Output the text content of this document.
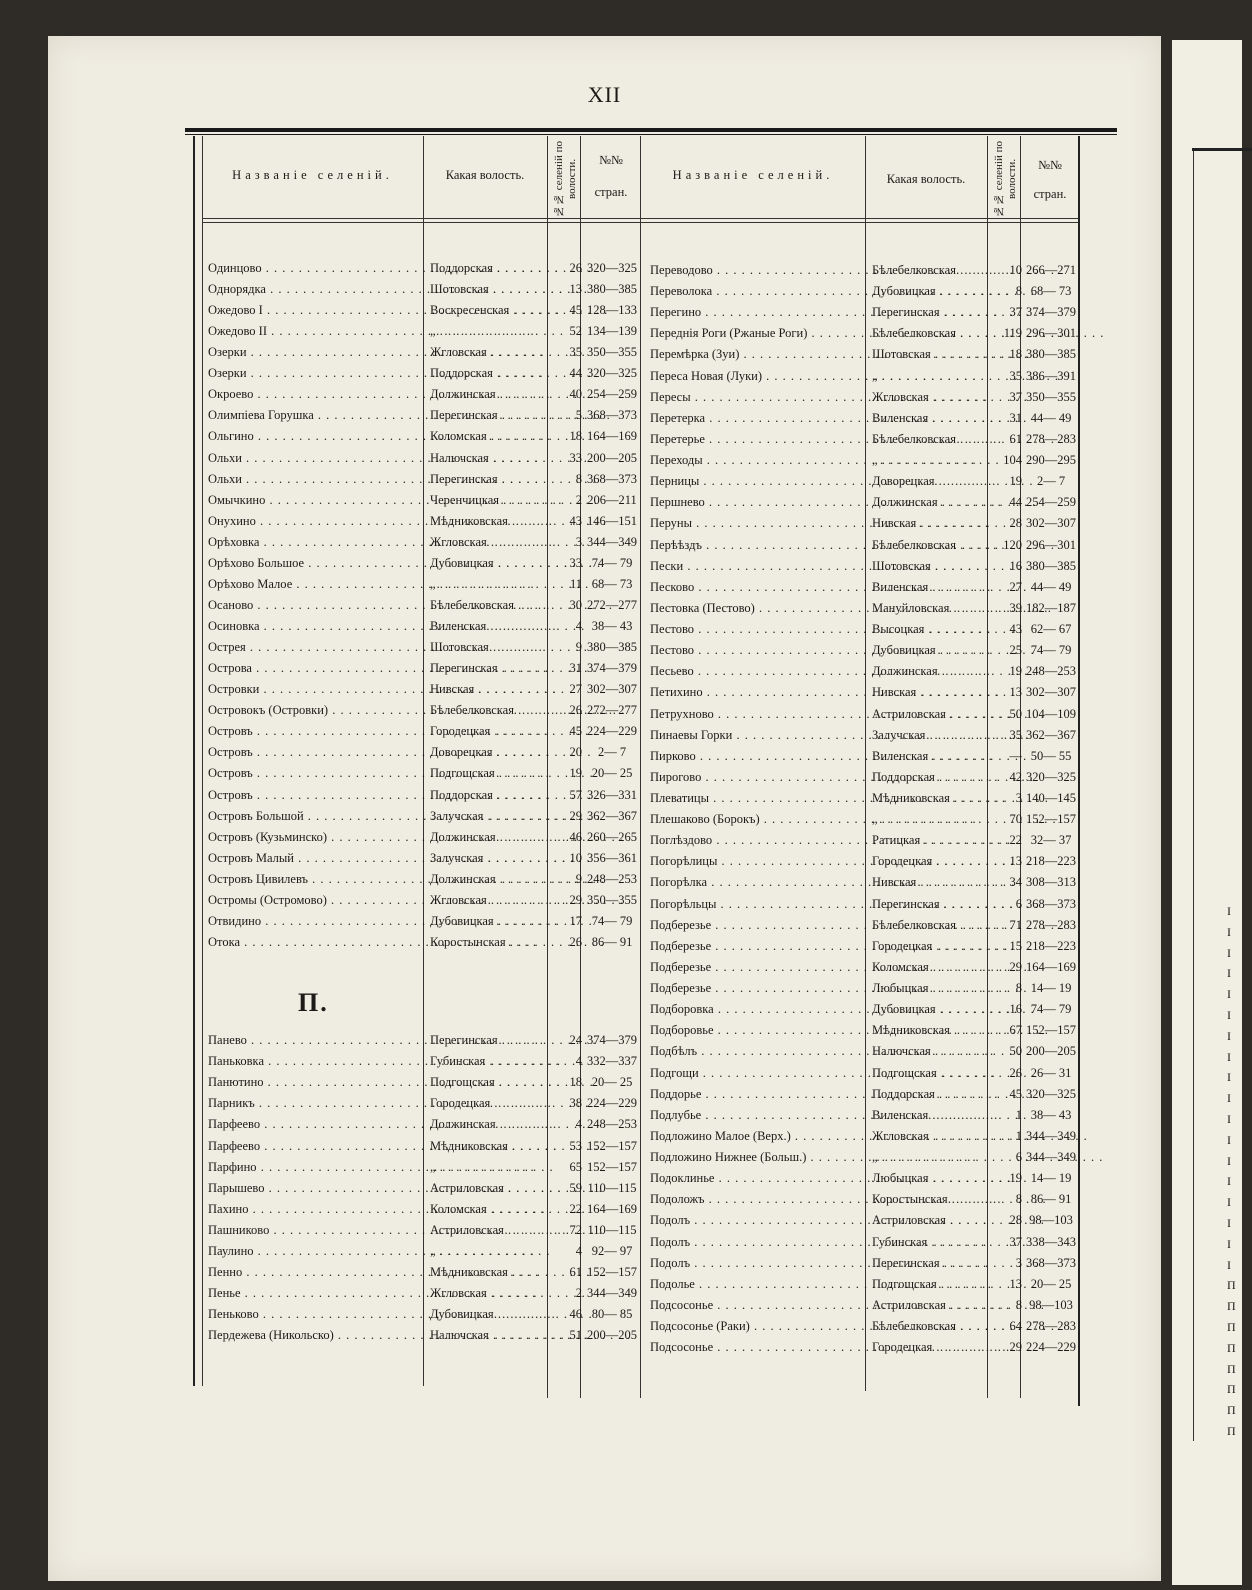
XII
I
I
I
I
I
I
I
I
I
I
I
I
I
I
I
I
I
I
П
П
П
П
П
П
П
П
Названіе селеній.	Какая волость.	№№ селеній по волости.	№№
стран.
Названіе селеній.	Какая волость.	№№ селеній по волости.	№№
стран.
П.
Одинцово . . .	Поддорская . . .	26 320—325
Однорядка . . .	Шотовская . . .	13 380—385
Ожедово I . . .	Воскресенская . . .	45 128—133
Ожедово II . . .	„ . . .	52 134—139
Озерки . . .	Жгловская . . .	35 350—355
Озерки . . .	Поддорская . . .	44 320—325
Окроево . . .	Должинская . . .	40 254—259
Олимпіева Горушка . . .	Перегинская . . .	5 368—373
Ольгино . . .	Коломская . . .	18 164—169
Ольхи . . .	Налючская . . .	33 200—205
Ольхи . . .	Перегинская . . .	8 368—373
Омычкино . . .	Черенчицкая . . .	2 206—211
Онухино . . .	Мѣдниковская . . .	43 146—151
Орѣховка . . .	Жгловская . . .	3 344—349
Орѣхово Большое . . .	Дубовицкая . . .	33 74— 79
Орѣхово Малое . . .	„ . . .	11 68— 73
Осаново . . .	Бѣлебелковская . . .	30 272—277
Осиновка . . .	Виленская . . .	4 38— 43
Острея . . .	Шотовская . . .	9 380—385
Острова . . .	Перегинская . . .	31 374—379
Островки . . .	Нивская . . .	27 302—307
Островокъ (Островки) . . .	Бѣлебелковская . . .	26 272—277
Островъ . . .	Городецкая . . .	45 224—229
Островъ . . .	Доворецкая . . .	20	2— 7
Островъ . . .	Подгощская . . .	19 20— 25
Островъ . . .	Поддорская . . .	57 326—331
Островъ Большой . . .	Залучская . . .	29 362—367
Островъ (Кузьминско) . . .	Должинская . . .	46 260—265
Островъ Малый . . .	Залучская . . .	10 356—361
Островъ Цивилевъ . . .	Должинская . . .	9 248—253
Остромы (Остромово) . . .	Жгловская . . .	29 350—355
Отвидино . . .	Дубовицкая . . .	17 74— 79
Отока . . .	Коростынская . . .	26 86— 91
Панево . . .	Перегинская . . .	24 374—379
Паньковка . . .	Губинская . . .	4 332—337
Панютино . . .	Подгощская . . .	18 20— 25
Парникъ . . .	Городецкая . . .	38 224—229
Парфеево . . .	Должинская . . .	4 248—253
Парфеево . . .	Мѣдниковская . . .	53 152—157
Парфино . . .	„ . . .	65 152—157
Парышево . . .	Астриловская . . .	59 110—115
Пахино . . .	Коломская . . .	22 164—169
Пашниково . . .	Астриловская . . .	72 110—115
Паулино . . .	„ . . .	4 92— 97
Пенно . . .	Мѣдниковская . . .	61 152—157
Пенье . . .	Жгловская . . .	2 344—349
Пеньково . . .	Дубовицкая . . .	46 80— 85
Пердежева (Никольско) . . .	Налючская . . .	51 200—205
Переводово . . .	Бѣлебелковская . . .	10 266—271
Переволока . . .	Дубовицкая . . .	8 68— 73
Перегино . . .	Перегинская . . .	37 374—379
Переднія Роги (Ржаные Роги) . . .	Бѣлебелковская . . .	119 296—301
Перемѣрка (Зуи) . . .	Шотовская . . .	18 380—385
Переса Новая (Луки) . . .	„ . . .	35 386—391
Пересы . . .	Жгловская . . .	37 350—355
Перетерка . . .	Виленская . . .	31 44— 49
Перетерье . . .	Бѣлебелковская . . .	61 278—283
Переходы . . .	„ . . .	104 290—295
Перницы . . .	Доворецкая . . .	19	2— 7
Першнево . . .	Должинская . . .	44 254—259
Перуны . . .	Нивская . . .	28 302—307
Перѣѣздъ . . .	Бѣлебелковская . . .	120 296—301
Пески . . .	Шотовская . . .	16 380—385
Песково . . .	Виленская . . .	27 44— 49
Пестовка (Пестово) . . .	Мануйловская . . .	39 182—187
Пестово . . .	Высоцкая . . .	43 62— 67
Пестово . . .	Дубовицкая . . .	25 74— 79
Песьево . . .	Должинская . . .	19 248—253
Петихино . . .	Нивская . . .	13 302—307
Петрухново . . .	Астриловская . . .	50 104—109
Пинаевы Горки . . .	Залучская . . .	35 362—367
Пирково . . .	Виленская . . .	— 50— 55
Пирогово . . .	Поддорская . . .	42 320—325
Плеватицы . . .	Мѣдниковская . . .	3 140—145
Плешаково (Борокъ) . . .	„ . . .	70 152—157
Поглѣздово . . .	Ратицкая . . .	22 32— 37
Погорѣлицы . . .	Городецкая . . .	13 218—223
Погорѣлка . . .	Нивская . . .	34 308—313
Погорѣльцы . . .	Перегинская . . .	6 368—373
Подберезье . . .	Бѣлебелковская . . .	71 278—283
Подберезье . . .	Городецкая . . .	15 218—223
Подберезье . . .	Коломская . . .	29 164—169
Подберезье . . .	Любыцкая . . .	8 14— 19
Подборовка . . .	Дубовицкая . . .	16 74— 79
Подборовье . . .	Мѣдниковская . . .	67 152—157
Подбѣлъ . . .	Налючская . . .	50 200—205
Подгощи . . .	Подгощская . . .	26 26— 31
Поддорье . . .	Поддорская . . .	45 320—325
Подлубье . . .	Виленская . . .	1 38— 43
Подложино Малое (Верх.) . . .	Жгловская . . .	1 344—349
Подложино Нижнее (Больш.) . . .	„ . . .	6 344—349
Подоклинье . . .	Любыцкая . . .	19 14— 19
Подоложъ . . .	Коростынская . . .	8 86— 91
Подолъ . . .	Астриловская . . .	28 98—103
Подолъ . . .	Губинская . . .	37 338—343
Подолъ . . .	Перегинская . . .	3 368—373
Подолье . . .	Подгощская . . .	13 20— 25
Подсосонье . . .	Астриловская . . .	8 98—103
Подсосонье (Раки) . . .	Бѣлебелковская . . .	64 278—283
Подсосонье . . .	Городецкая . . .	29 224—229
